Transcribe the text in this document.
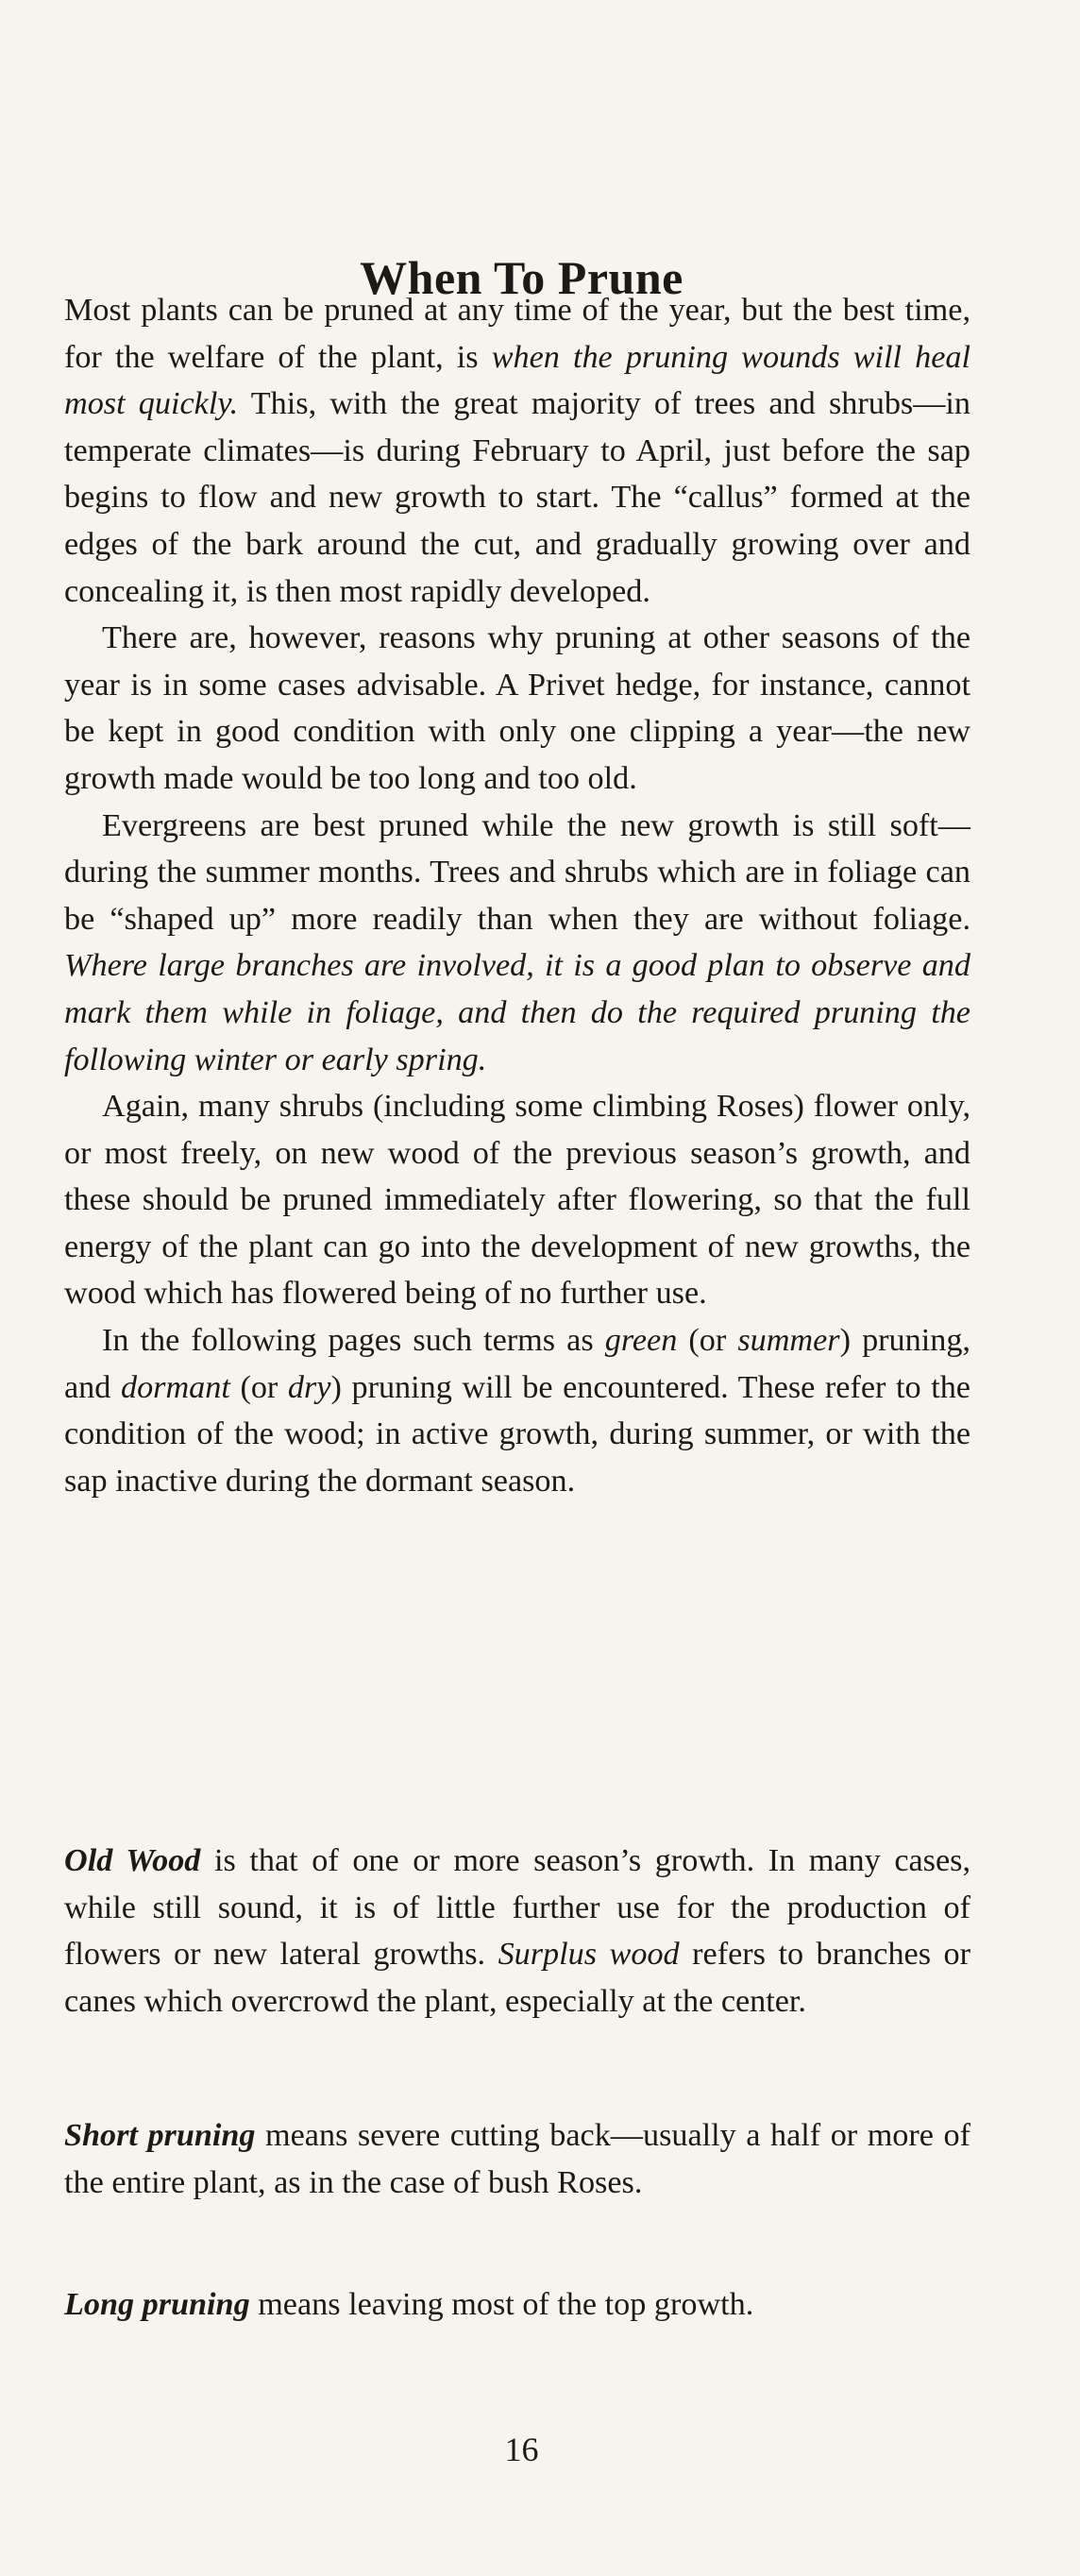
When To Prune

Most plants can be pruned at any time of the year, but the best time, for the welfare of the plant, is when the pruning wounds will heal most quickly. This, with the great majority of trees and shrubs—in temperate climates—is during February to April, just before the sap begins to flow and new growth to start. The “callus” formed at the edges of the bark around the cut, and gradually growing over and concealing it, is then most rapidly developed.

There are, however, reasons why pruning at other seasons of the year is in some cases advisable. A Privet hedge, for instance, cannot be kept in good condition with only one clipping a year—the new growth made would be too long and too old.

Evergreens are best pruned while the new growth is still soft—during the summer months. Trees and shrubs which are in foliage can be “shaped up” more readily than when they are without foliage. Where large branches are involved, it is a good plan to observe and mark them while in foliage, and then do the required pruning the following winter or early spring.

Again, many shrubs (including some climbing Roses) flower only, or most freely, on new wood of the previous season’s growth, and these should be pruned immediately after flowering, so that the full energy of the plant can go into the development of new growths, the wood which has flowered being of no further use.

In the following pages such terms as green (or summer) pruning, and dormant (or dry) pruning will be encountered. These refer to the condition of the wood; in active growth, during summer, or with the sap inactive during the dormant season.

Old Wood is that of one or more season’s growth. In many cases, while still sound, it is of little further use for the production of flowers or new lateral growths. Surplus wood refers to branches or canes which overcrowd the plant, especially at the center.

Short pruning means severe cutting back—usually a half or more of the entire plant, as in the case of bush Roses.

Long pruning means leaving most of the top growth.

16
